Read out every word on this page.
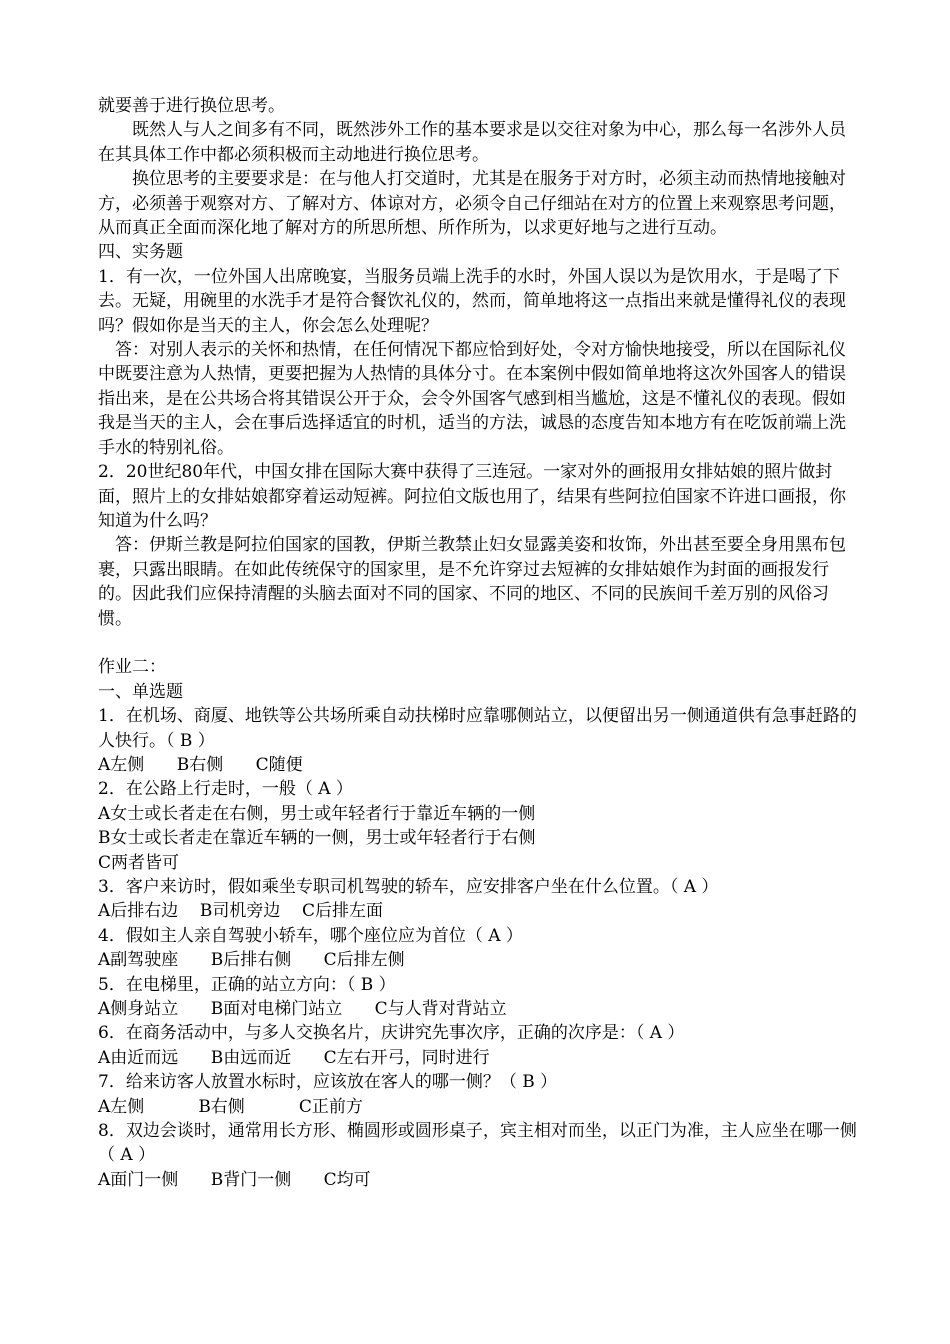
就要善于进行换位思考。

既然人与人之间多有不同，既然涉外工作的基本要求是以交往对象为中心，那么每一名涉外人员在其具体工作中都必须积极而主动地进行换位思考。

换位思考的主要要求是：在与他人打交道时，尤其是在服务于对方时，必须主动而热情地接触对方，必须善于观察对方、了解对方、体谅对方，必须令自己仔细站在对方的位置上来观察思考问题，从而真正全面而深化地了解对方的所思所想、所作所为，以求更好地与之进行互动。

四、实务题

1．有一次，一位外国人出席晚宴，当服务员端上洗手的水时，外国人误以为是饮用水，于是喝了下去。无疑，用碗里的水洗手才是符合餐饮礼仪的，然而，简单地将这一点指出来就是懂得礼仪的表现吗？假如你是当天的主人，你会怎么处理呢？

答：对别人表示的关怀和热情，在任何情况下都应恰到好处，令对方愉快地接受，所以在国际礼仪中既要注意为人热情，更要把握为人热情的具体分寸。在本案例中假如简单地将这次外国客人的错误指出来，是在公共场合将其错误公开于众，会令外国客气感到相当尴尬，这是不懂礼仪的表现。假如我是当天的主人，会在事后选择适宜的时机，适当的方法，诚恳的态度告知本地方有在吃饭前端上洗手水的特别礼俗。

2．20世纪80年代，中国女排在国际大赛中获得了三连冠。一家对外的画报用女排姑娘的照片做封面，照片上的女排姑娘都穿着运动短裤。阿拉伯文版也用了，结果有些阿拉伯国家不许进口画报，你知道为什么吗？

答：伊斯兰教是阿拉伯国家的国教，伊斯兰教禁止妇女显露美姿和妆饰，外出甚至要全身用黑布包裹，只露出眼睛。在如此传统保守的国家里，是不允许穿过去短裤的女排姑娘作为封面的画报发行的。因此我们应保持清醒的头脑去面对不同的国家、不同的地区、不同的民族间千差万别的风俗习惯。

作业二：

一、单选题

1．在机场、商厦、地铁等公共场所乘自动扶梯时应靠哪侧站立，以便留出另一侧通道供有急事赶路的人快行。（ B ）

A左侧      B右侧      C随便

2．在公路上行走时，一般（ A ）

A女士或长者走在右侧，男士或年轻者行于靠近车辆的一侧

B女士或长者走在靠近车辆的一侧，男士或年轻者行于右侧

C两者皆可

3．客户来访时，假如乘坐专职司机驾驶的轿车，应安排客户坐在什么位置。（ A ）

A后排右边    B司机旁边    C后排左面

4．假如主人亲自驾驶小轿车，哪个座位应为首位（ A ）

A副驾驶座      B后排右侧      C后排左侧

5．在电梯里，正确的站立方向：（ B ）

A侧身站立      B面对电梯门站立      C与人背对背站立

6．在商务活动中，与多人交换名片，庆讲究先事次序，正确的次序是：（ A ）

A由近而远      B由远而近      C左右开弓，同时进行

7．给来访客人放置水标时，应该放在客人的哪一侧？（ B ）

A左侧          B右侧          C正前方

8．双边会谈时，通常用长方形、椭圆形或圆形桌子，宾主相对而坐，以正门为准，主人应坐在哪一侧（ A ）

A面门一侧      B背门一侧      C均可
